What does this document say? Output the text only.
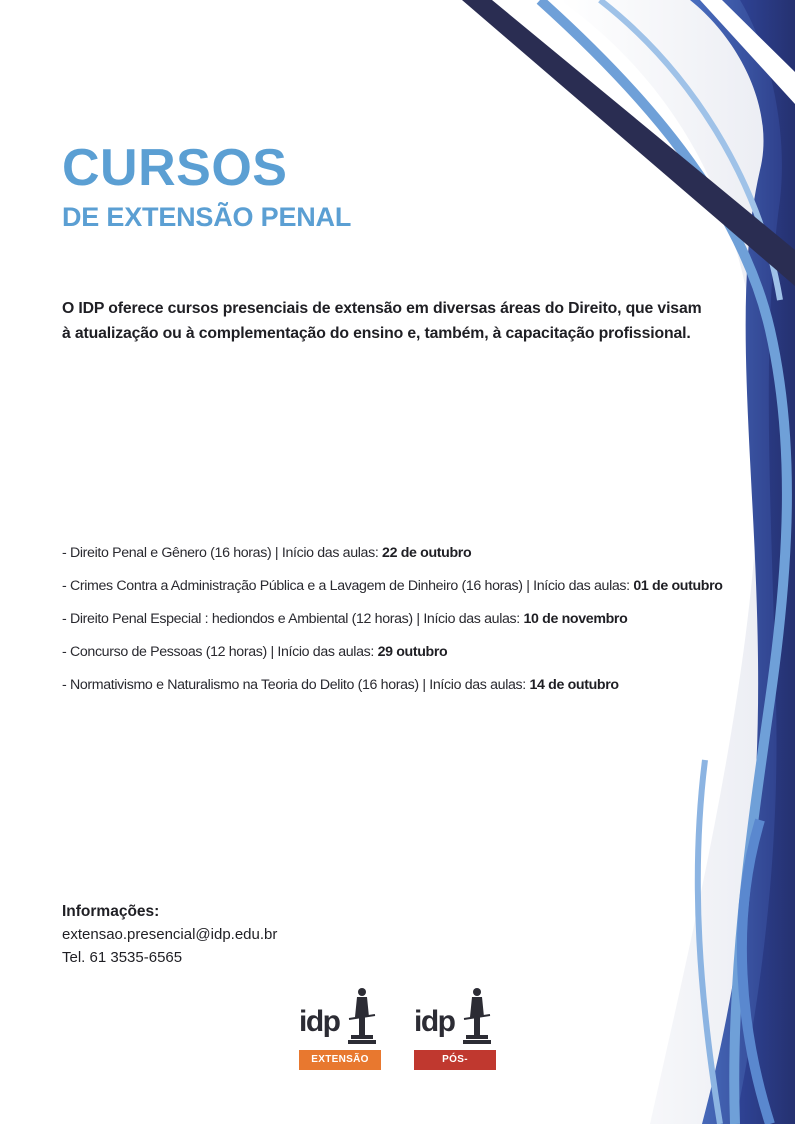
CURSOS
DE EXTENSÃO PENAL

O IDP oferece cursos presenciais de extensão em diversas áreas do Direito, que visam à atualização ou à complementação do ensino e, também, à capacitação profissional.

- Direito Penal e Gênero (16 horas) | Início das aulas: 22 de outubro
- Crimes Contra a Administração Pública e a Lavagem de Dinheiro (16 horas) | Início das aulas: 01 de outubro
- Direito Penal Especial : hediondos e Ambiental (12 horas) | Início das aulas: 10 de novembro
- Concurso de Pessoas (12 horas) | Início das aulas: 29 outubro
- Normativismo e Naturalismo na Teoria do Delito (16 horas) | Início das aulas: 14 de outubro
Informações:
extensao.presencial@idp.edu.br
Tel. 61 3535-6565
idp
EXTENSÃO
idp
PÓS-GRADUAÇÃO
